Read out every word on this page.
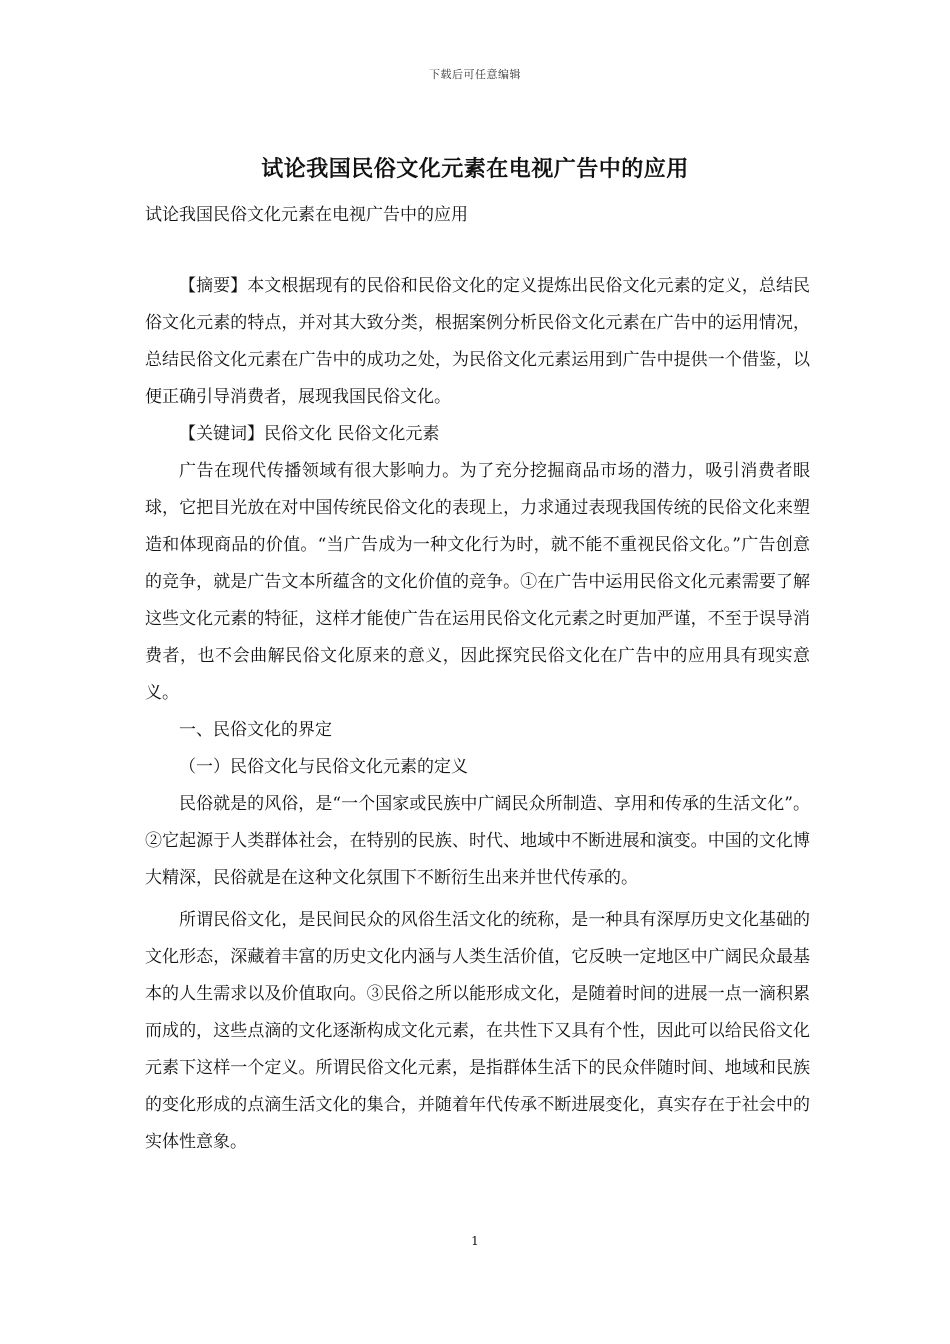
下载后可任意编辑
试论我国民俗文化元素在电视广告中的应用
试论我国民俗文化元素在电视广告中的应用

【摘要】本文根据现有的民俗和民俗文化的定义提炼出民俗文化元素的定义，总结民俗文化元素的特点，并对其大致分类，根据案例分析民俗文化元素在广告中的运用情况，总结民俗文化元素在广告中的成功之处，为民俗文化元素运用到广告中提供一个借鉴，以便正确引导消费者，展现我国民俗文化。

【关键词】民俗文化 民俗文化元素

广告在现代传播领域有很大影响力。为了充分挖掘商品市场的潜力，吸引消费者眼球，它把目光放在对中国传统民俗文化的表现上，力求通过表现我国传统的民俗文化来塑造和体现商品的价值。“当广告成为一种文化行为时，就不能不重视民俗文化。”广告创意的竞争，就是广告文本所蕴含的文化价值的竞争。①在广告中运用民俗文化元素需要了解这些文化元素的特征，这样才能使广告在运用民俗文化元素之时更加严谨，不至于误导消费者，也不会曲解民俗文化原来的意义，因此探究民俗文化在广告中的应用具有现实意义。

一、民俗文化的界定

（一）民俗文化与民俗文化元素的定义

民俗就是的风俗，是“一个国家或民族中广阔民众所制造、享用和传承的生活文化”。②它起源于人类群体社会，在特别的民族、时代、地域中不断进展和演变。中国的文化博大精深，民俗就是在这种文化氛围下不断衍生出来并世代传承的。

所谓民俗文化，是民间民众的风俗生活文化的统称，是一种具有深厚历史文化基础的文化形态，深藏着丰富的历史文化内涵与人类生活价值，它反映一定地区中广阔民众最基本的人生需求以及价值取向。③民俗之所以能形成文化，是随着时间的进展一点一滴积累而成的，这些点滴的文化逐渐构成文化元素，在共性下又具有个性，因此可以给民俗文化元素下这样一个定义。所谓民俗文化元素，是指群体生活下的民众伴随时间、地域和民族的变化形成的点滴生活文化的集合，并随着年代传承不断进展变化，真实存在于社会中的实体性意象。

1
